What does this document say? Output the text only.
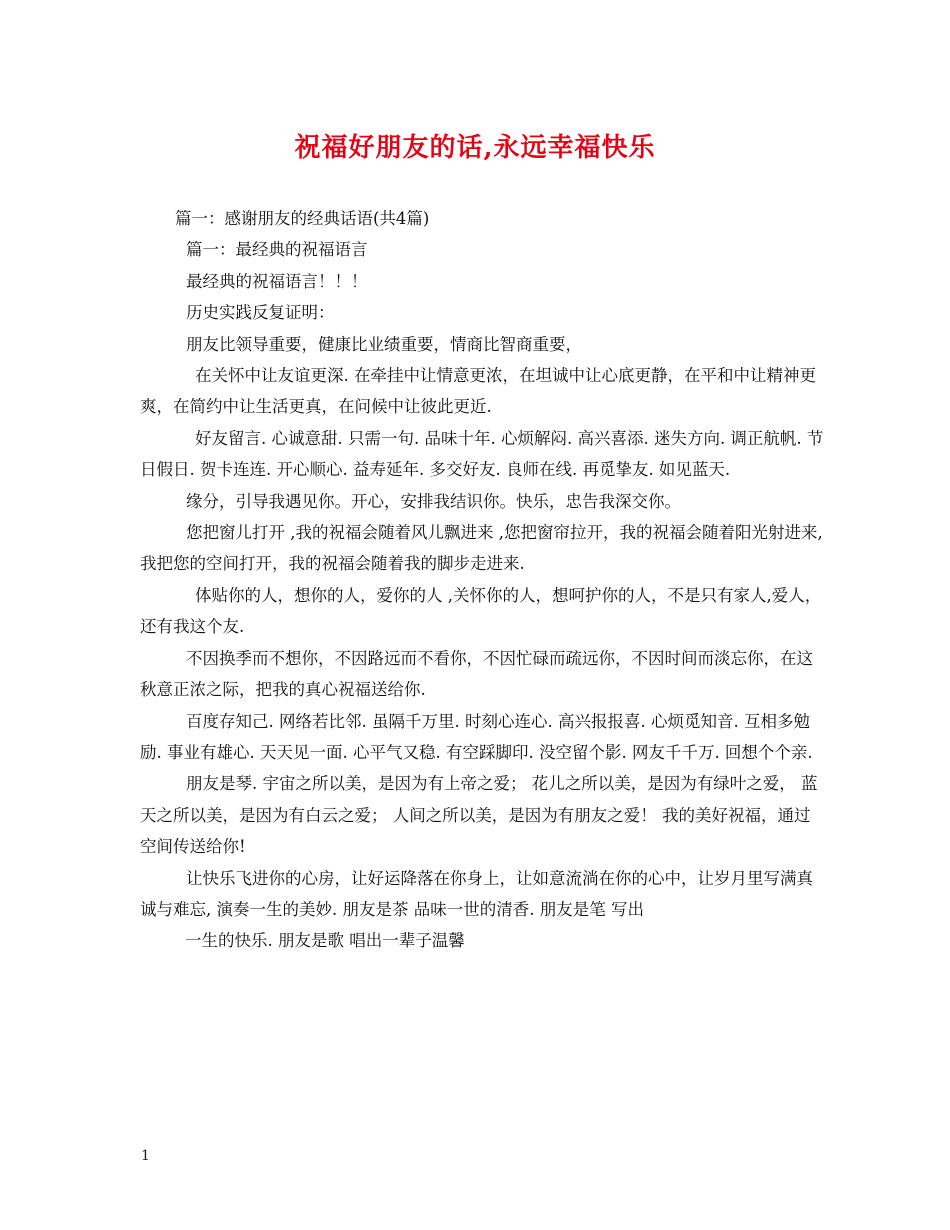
祝福好朋友的话,永远幸福快乐

篇一：感谢朋友的经典话语(共4篇)

篇一：最经典的祝福语言

最经典的祝福语言！！！

历史实践反复证明：

朋友比领导重要，健康比业绩重要，情商比智商重要，

在关怀中让友谊更深. 在牵挂中让情意更浓，在坦诚中让心底更静，在平和中让精神更爽，在简约中让生活更真，在问候中让彼此更近.

好友留言. 心诚意甜. 只需一句. 品味十年. 心烦解闷. 高兴喜添. 迷失方向. 调正航帆. 节日假日. 贺卡连连. 开心顺心. 益寿延年. 多交好友. 良师在线. 再觅挚友. 如见蓝天.

缘分，引导我遇见你。开心，安排我结识你。快乐，忠告我深交你。

您把窗儿打开 ,我的祝福会随着风儿飘进来 ,您把窗帘拉开，我的祝福会随着阳光射进来,我把您的空间打开，我的祝福会随着我的脚步走进来.

体贴你的人，想你的人，爱你的人 ,关怀你的人，想呵护你的人，不是只有家人,爱人，还有我这个友.

不因换季而不想你，不因路远而不看你，不因忙碌而疏远你，不因时间而淡忘你，在这秋意正浓之际，把我的真心祝福送给你.

百度存知己. 网络若比邻. 虽隔千万里. 时刻心连心. 高兴报报喜. 心烦觅知音. 互相多勉励. 事业有雄心. 天天见一面. 心平气又稳. 有空踩脚印. 没空留个影. 网友千千万. 回想个个亲.

朋友是琴. 宇宙之所以美，是因为有上帝之爱； 花儿之所以美，是因为有绿叶之爱， 蓝天之所以美，是因为有白云之爱； 人间之所以美，是因为有朋友之爱！ 我的美好祝福，通过空间传送给你!

让快乐飞进你的心房，让好运降落在你身上，让如意流淌在你的心中，让岁月里写满真诚与难忘, 演奏一生的美妙. 朋友是茶 品味一世的清香. 朋友是笔 写出

一生的快乐. 朋友是歌 唱出一辈子温馨

1
